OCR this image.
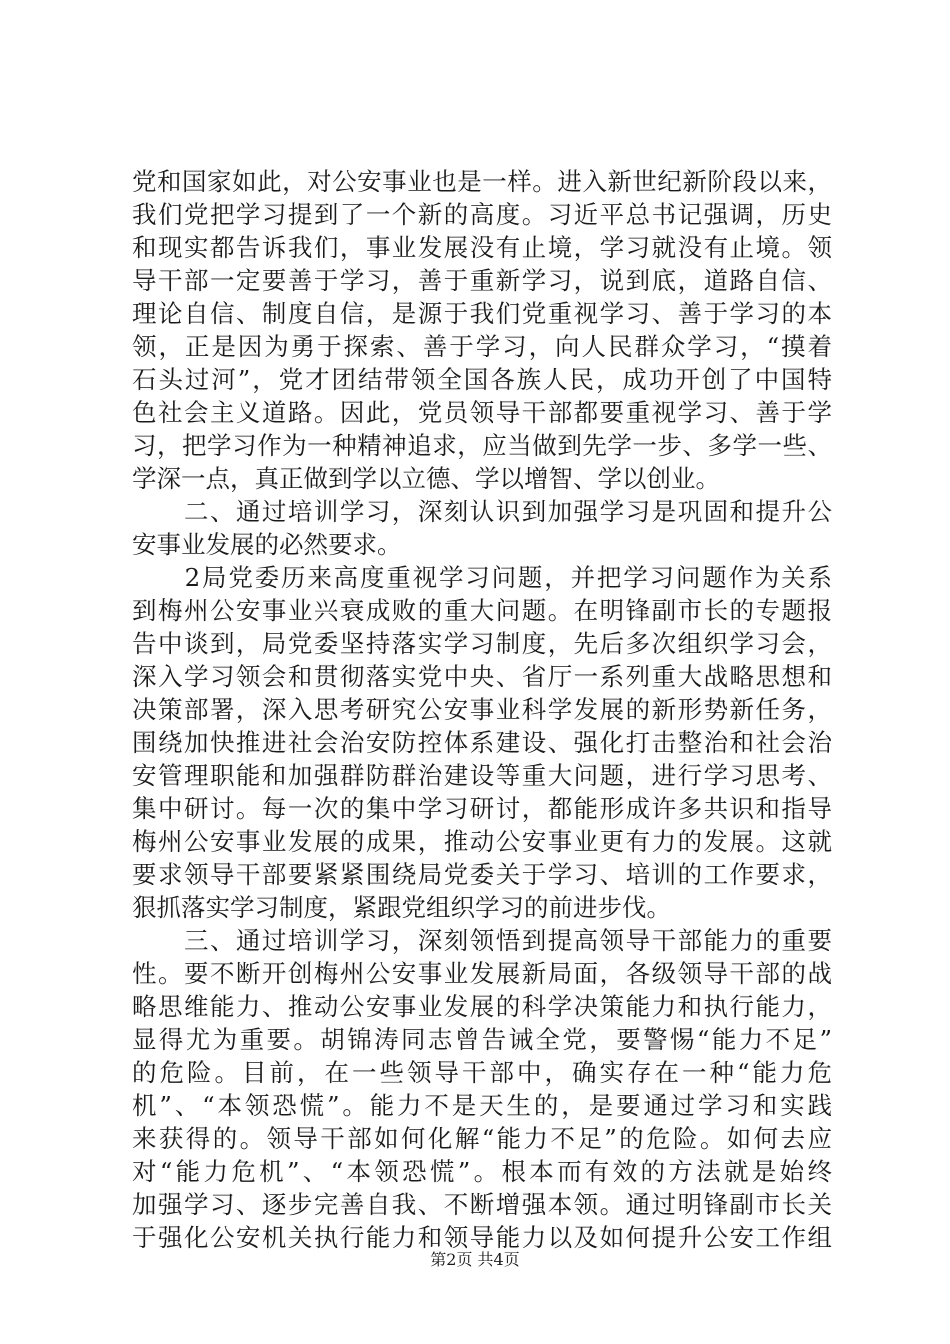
党和国家如此，对公安事业也是一样。进入新世纪新阶段以来，
我们党把学习提到了一个新的高度。习近平总书记强调，历史
和现实都告诉我们，事业发展没有止境，学习就没有止境。领
导干部一定要善于学习，善于重新学习，说到底，道路自信、
理论自信、制度自信，是源于我们党重视学习、善于学习的本
领，正是因为勇于探索、善于学习，向人民群众学习，“摸着
石头过河”，党才团结带领全国各族人民，成功开创了中国特
色社会主义道路。因此，党员领导干部都要重视学习、善于学
习，把学习作为一种精神追求，应当做到先学一步、多学一些、
学深一点，真正做到学以立德、学以增智、学以创业。
　　二、通过培训学习，深刻认识到加强学习是巩固和提升公
安事业发展的必然要求。
　　2局党委历来高度重视学习问题，并把学习问题作为关系
到梅州公安事业兴衰成败的重大问题。在明锋副市长的专题报
告中谈到，局党委坚持落实学习制度，先后多次组织学习会，
深入学习领会和贯彻落实党中央、省厅一系列重大战略思想和
决策部署，深入思考研究公安事业科学发展的新形势新任务，
围绕加快推进社会治安防控体系建设、强化打击整治和社会治
安管理职能和加强群防群治建设等重大问题，进行学习思考、
集中研讨。每一次的集中学习研讨，都能形成许多共识和指导
梅州公安事业发展的成果，推动公安事业更有力的发展。这就
要求领导干部要紧紧围绕局党委关于学习、培训的工作要求，
狠抓落实学习制度，紧跟党组织学习的前进步伐。
　　三、通过培训学习，深刻领悟到提高领导干部能力的重要
性。要不断开创梅州公安事业发展新局面，各级领导干部的战
略思维能力、推动公安事业发展的科学决策能力和执行能力，
显得尤为重要。胡锦涛同志曾告诫全党，要警惕“能力不足”
的危险。目前，在一些领导干部中，确实存在一种“能力危
机”、“本领恐慌”。能力不是天生的，是要通过学习和实践
来获得的。领导干部如何化解“能力不足”的危险。如何去应
对“能力危机”、“本领恐慌”。根本而有效的方法就是始终
加强学习、逐步完善自我、不断增强本领。通过明锋副市长关
于强化公安机关执行能力和领导能力以及如何提升公安工作组
第2页 共4页
